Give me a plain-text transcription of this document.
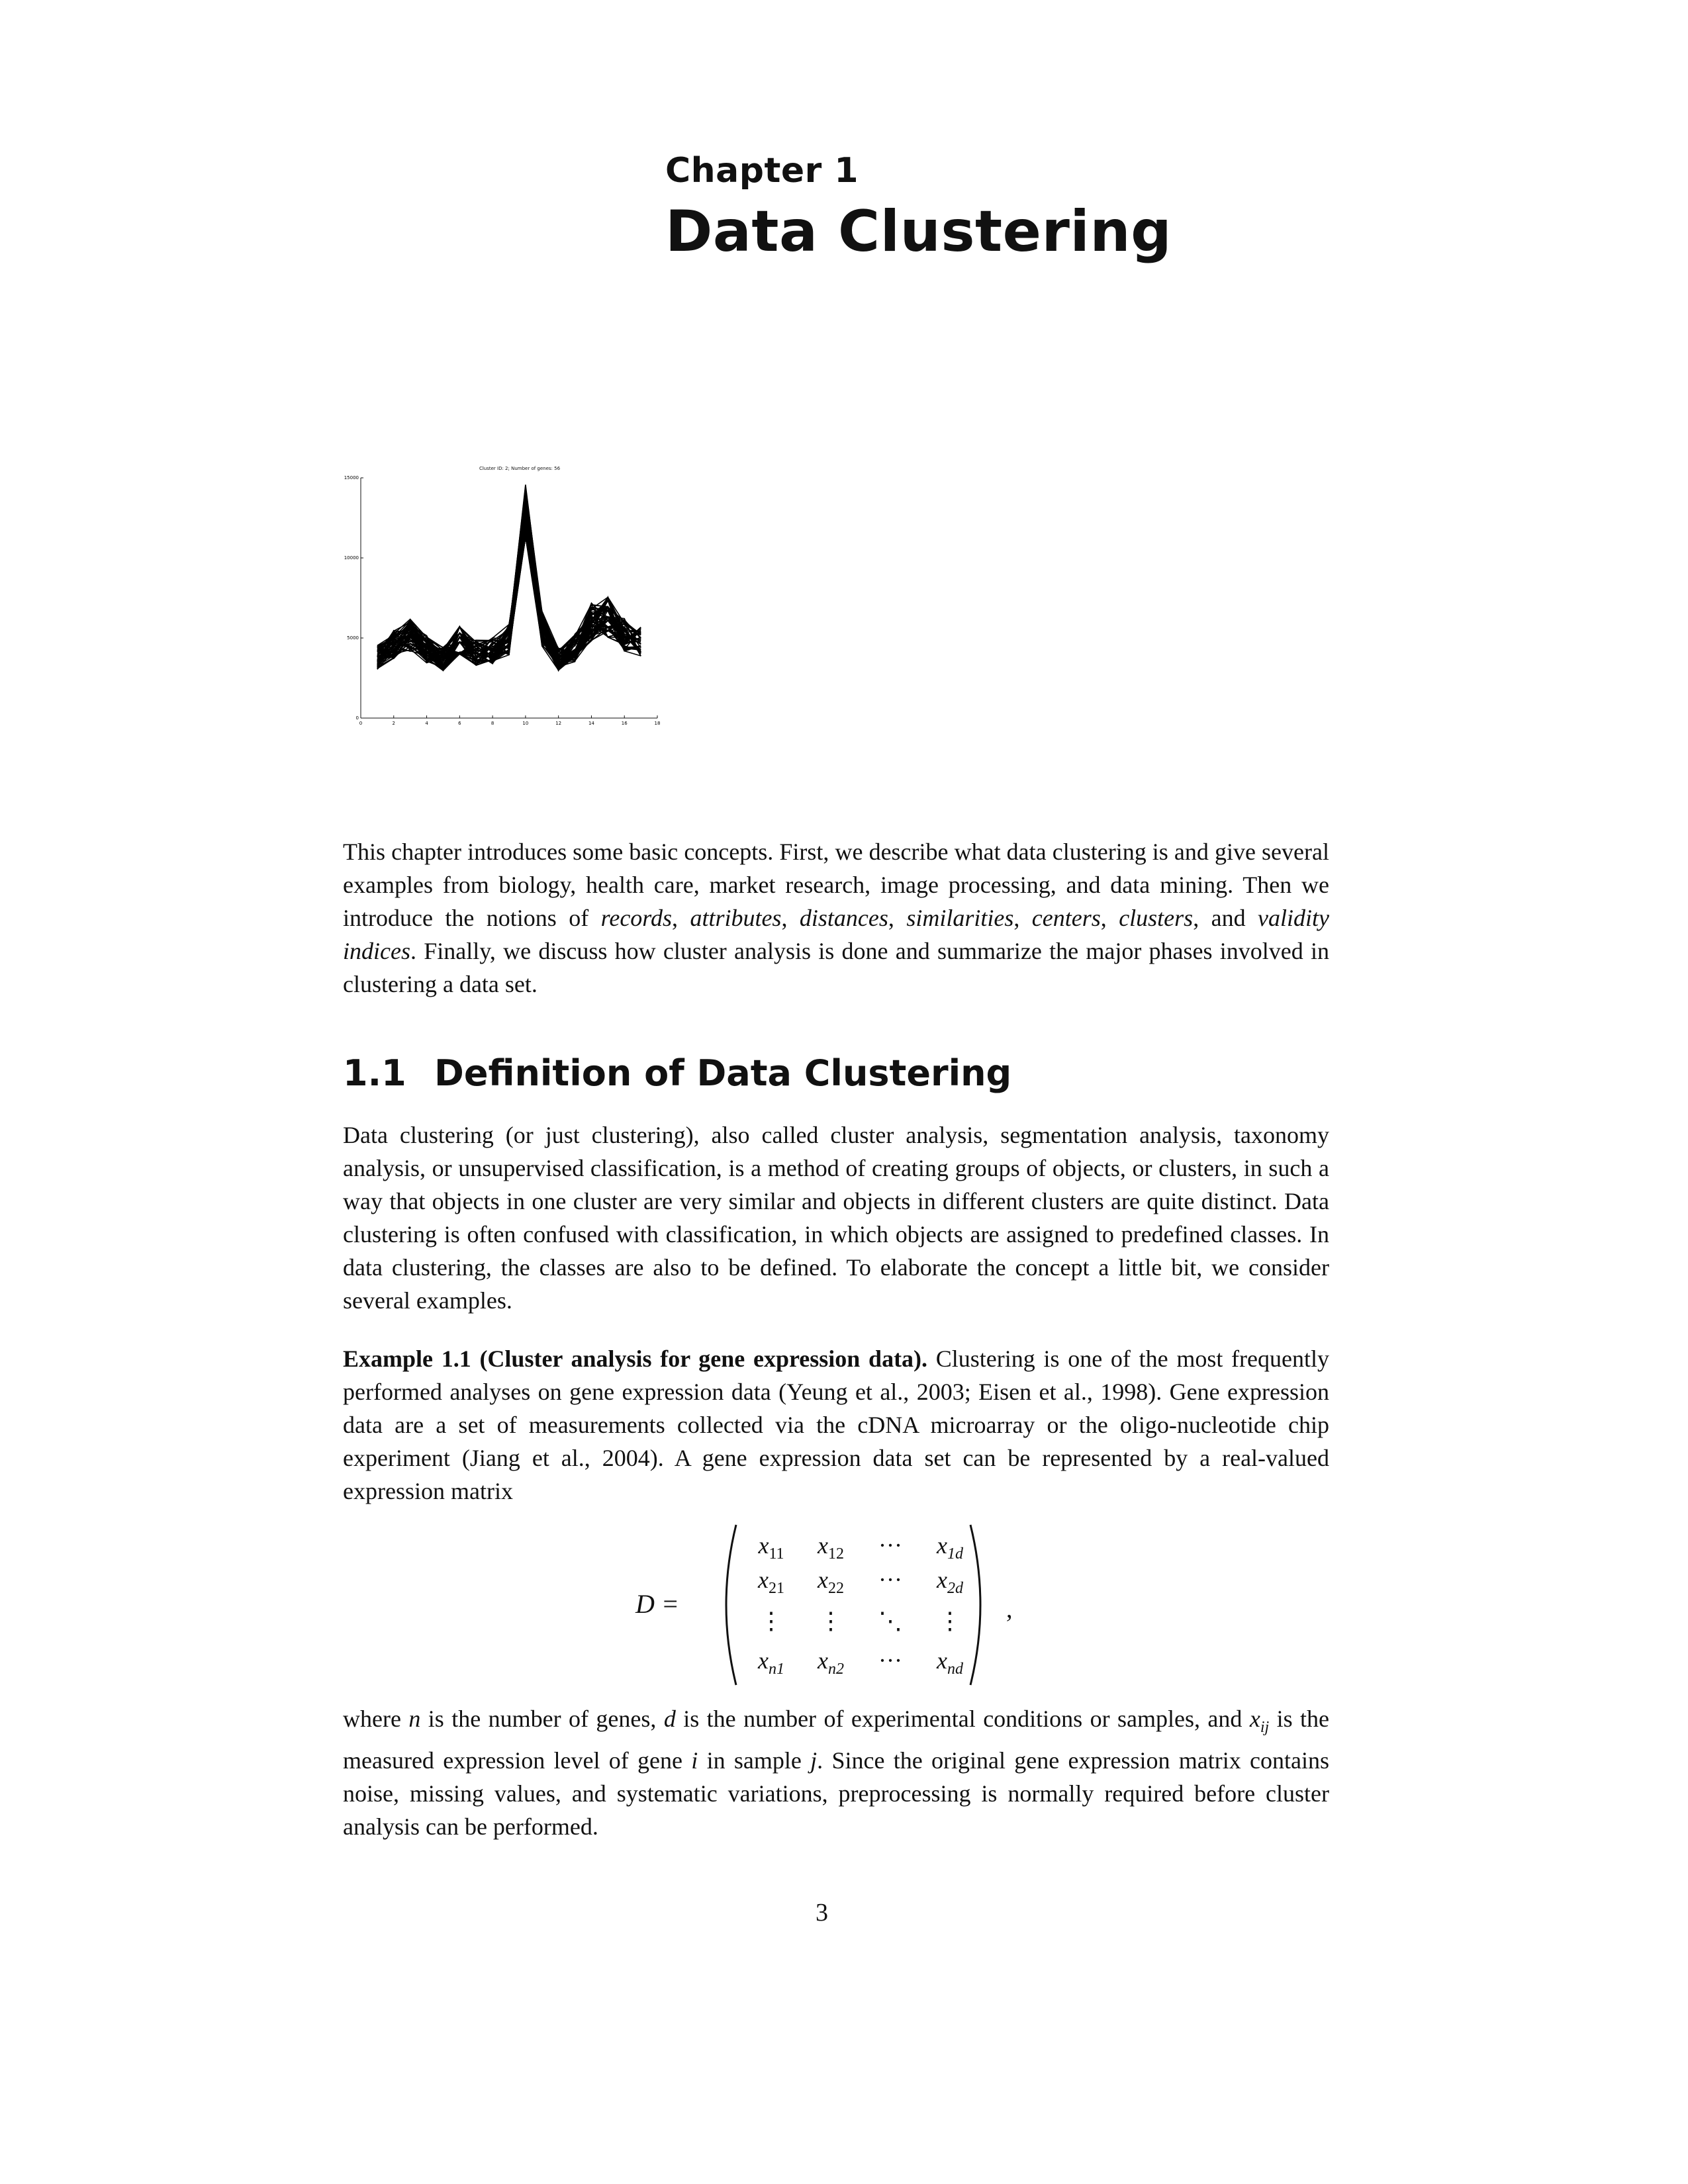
Cluster ID: 2; Number of genes: 56
15000
10000
5000
0
0	2	4	6	8	10	12	14	16	18
Chapter 1
Data Clustering
This chapter introduces some basic concepts. First, we describe what data clustering is and give several examples from biology, health care, market research, image processing, and data mining. Then we introduce the notions of records, attributes, distances, similarities, centers, clusters, and validity indices. Finally, we discuss how cluster analysis is done and summarize the major phases involved in clustering a data set.
1.1 Definition of Data Clustering
Data clustering (or just clustering), also called cluster analysis, segmentation analysis, taxonomy analysis, or unsupervised classification, is a method of creating groups of objects, or clusters, in such a way that objects in one cluster are very similar and objects in different clusters are quite distinct. Data clustering is often confused with classification, in which objects are assigned to predefined classes. In data clustering, the classes are also to be defined. To elaborate the concept a little bit, we consider several examples.
Example 1.1 (Cluster analysis for gene expression data). Clustering is one of the most frequently performed analyses on gene expression data (Yeung et al., 2003; Eisen et al., 1998). Gene expression data are a set of measurements collected via the cDNA microarray or the oligo-nucleotide chip experiment (Jiang et al., 2004). A gene expression data set can be represented by a real-valued expression matrix
D =
$x_{11}$	$x_{12}$	···	$x_{1d}$
$x_{21}$	$x_{22}$	···	$x_{2d}$
⋮	⋮	⋱	⋮
$x_{n1}$	$x_{n2}$	···	$x_{nd}$
,
where n is the number of genes, d is the number of experimental conditions or samples, and $x_{ij}$ is the measured expression level of gene i in sample j. Since the original gene expression matrix contains noise, missing values, and systematic variations, preprocessing is normally required before cluster analysis can be performed.
3
